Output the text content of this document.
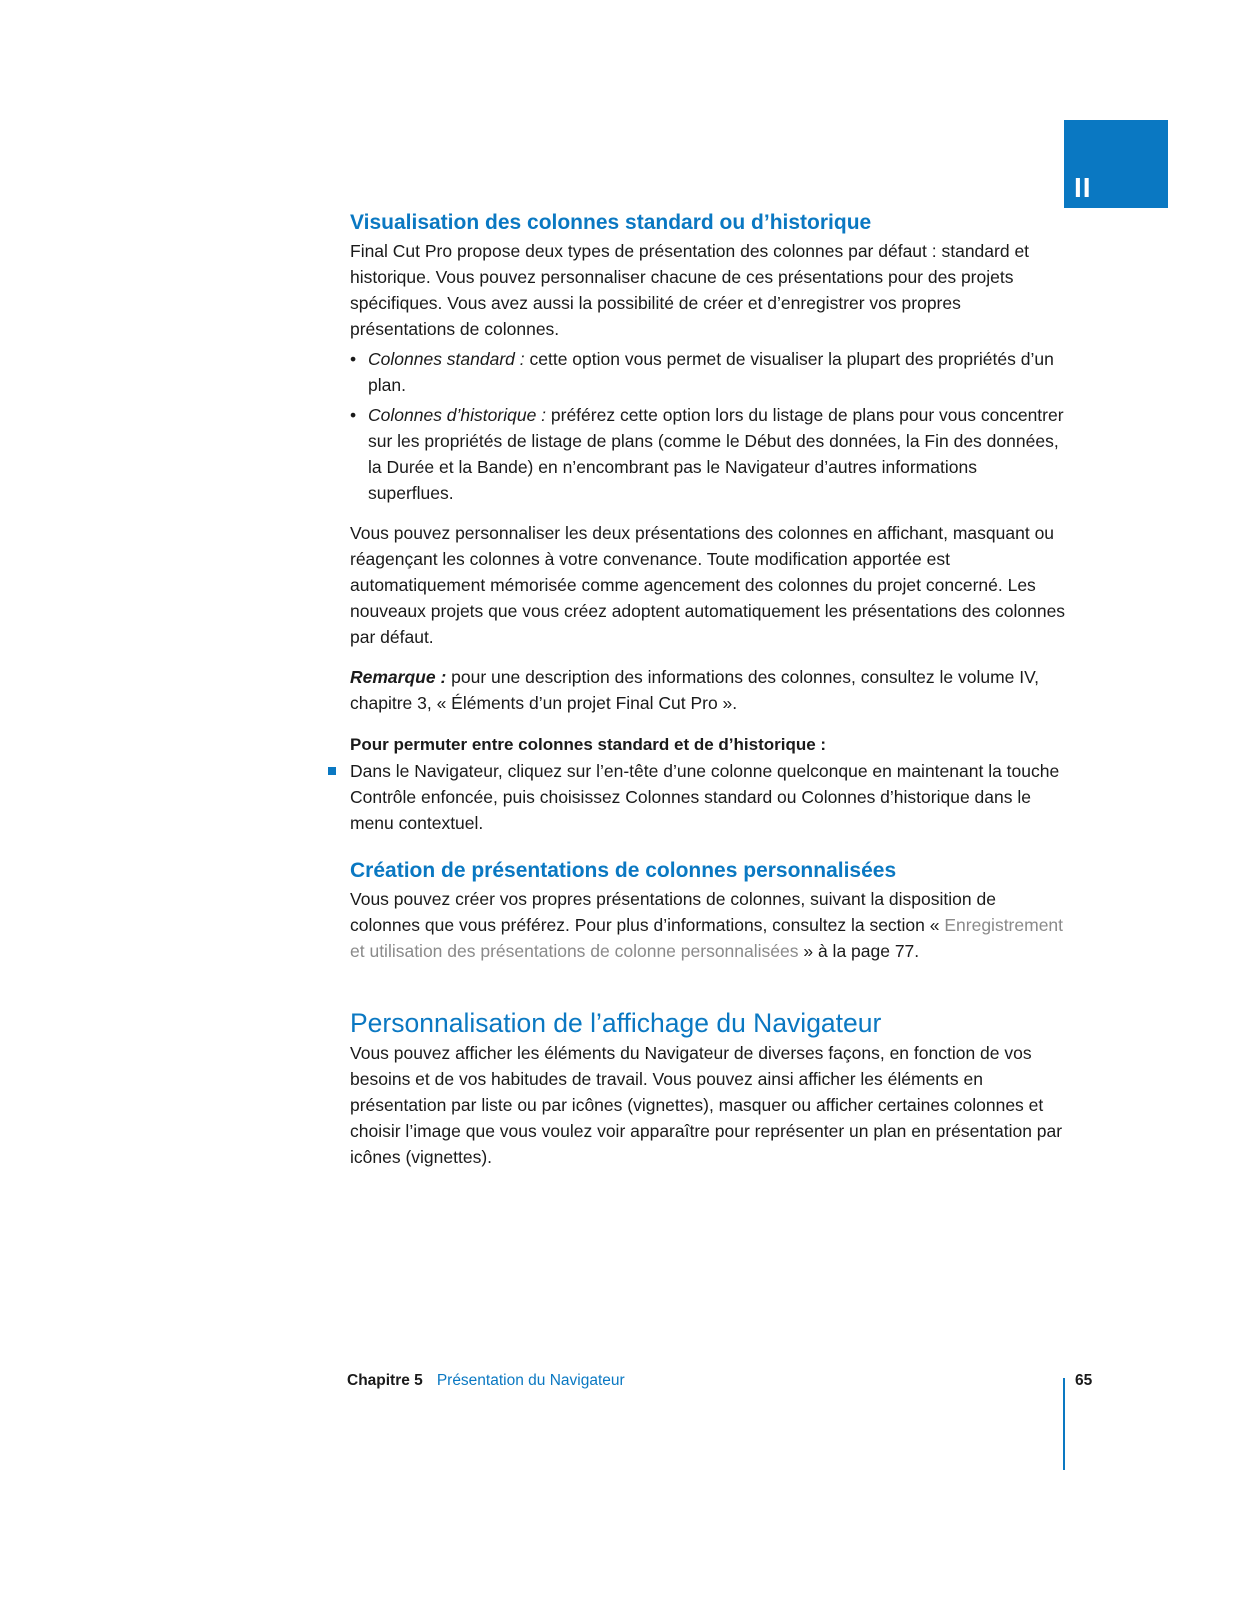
II
Visualisation des colonnes standard ou d’historique

Final Cut Pro propose deux types de présentation des colonnes par défaut : standard et historique. Vous pouvez personnaliser chacune de ces présentations pour des projets spécifiques. Vous avez aussi la possibilité de créer et d’enregistrer vos propres présentations de colonnes.

• Colonnes standard : cette option vous permet de visualiser la plupart des propriétés d’un plan.
• Colonnes d’historique : préférez cette option lors du listage de plans pour vous concentrer sur les propriétés de listage de plans (comme le Début des données, la Fin des données, la Durée et la Bande) en n’encombrant pas le Navigateur d’autres informations superflues.

Vous pouvez personnaliser les deux présentations des colonnes en affichant, masquant ou réagençant les colonnes à votre convenance. Toute modification apportée est automatiquement mémorisée comme agencement des colonnes du projet concerné. Les nouveaux projets que vous créez adoptent automatiquement les présentations des colonnes par défaut.

Remarque : pour une description des informations des colonnes, consultez le volume IV, chapitre 3, « Éléments d’un projet Final Cut Pro ».

Pour permuter entre colonnes standard et de d’historique :

Dans le Navigateur, cliquez sur l’en-tête d’une colonne quelconque en maintenant la touche Contrôle enfoncée, puis choisissez Colonnes standard ou Colonnes d’historique dans le menu contextuel.

Création de présentations de colonnes personnalisées

Vous pouvez créer vos propres présentations de colonnes, suivant la disposition de colonnes que vous préférez. Pour plus d’informations, consultez la section « Enregistrement et utilisation des présentations de colonne personnalisées » à la page 77.

Personnalisation de l’affichage du Navigateur

Vous pouvez afficher les éléments du Navigateur de diverses façons, en fonction de vos besoins et de vos habitudes de travail. Vous pouvez ainsi afficher les éléments en présentation par liste ou par icônes (vignettes), masquer ou afficher certaines colonnes et choisir l’image que vous voulez voir apparaître pour représenter un plan en présentation par icônes (vignettes).

Chapitre 5 Présentation du Navigateur	65
